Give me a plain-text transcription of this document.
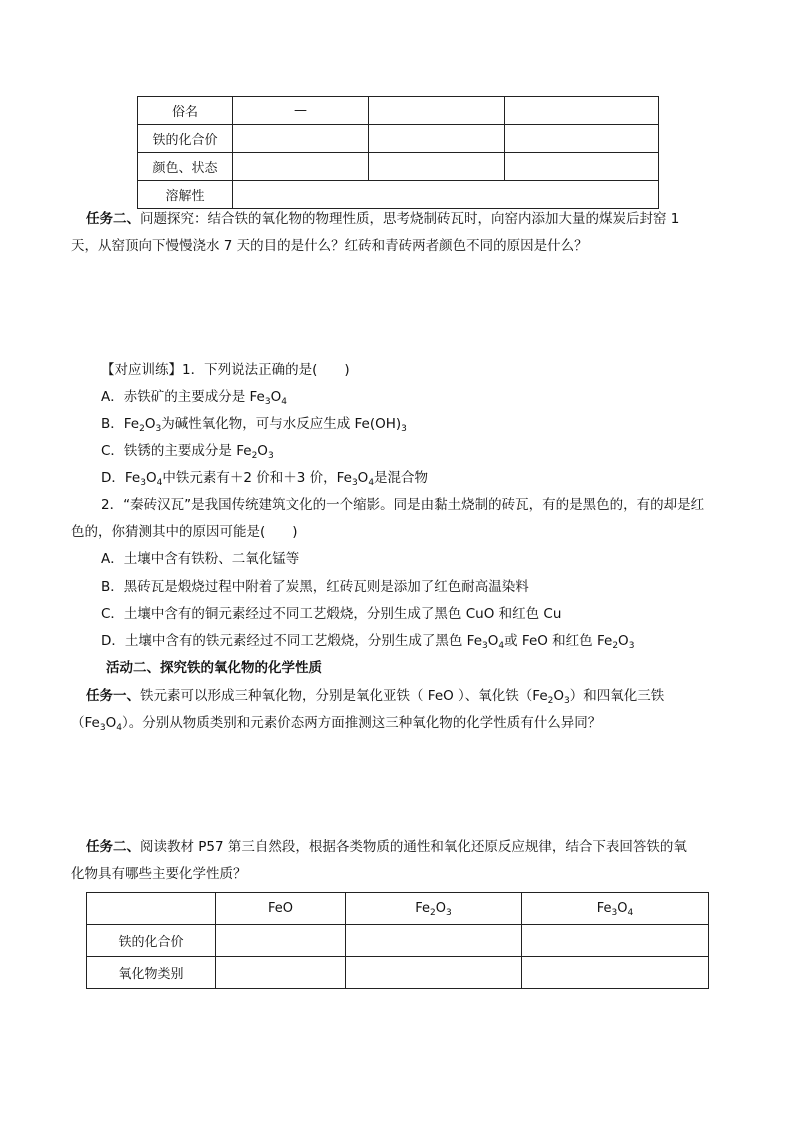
俗名	—		
铁的化合价			
颜色、状态			
溶解性			
任务二、问题探究：结合铁的氧化物的物理性质，思考烧制砖瓦时，向窑内添加大量的煤炭后封窑 1
天，从窑顶向下慢慢浇水 7 天的目的是什么？红砖和青砖两者颜色不同的原因是什么？
【对应训练】1．下列说法正确的是(　　)
A．赤铁矿的主要成分是 $Fe_3O_4$
B．$Fe_2O_3$为碱性氧化物，可与水反应生成 $Fe(OH)_3$
C．铁锈的主要成分是 $Fe_2O_3$
D．$Fe_3O_4$中铁元素有＋2 价和＋3 价，$Fe_3O_4$是混合物
2．“秦砖汉瓦”是我国传统建筑文化的一个缩影。同是由黏土烧制的砖瓦，有的是黑色的，有的却是红
色的，你猜测其中的原因可能是(　　)
A．土壤中含有铁粉、二氧化锰等
B．黑砖瓦是煅烧过程中附着了炭黑，红砖瓦则是添加了红色耐高温染料
C．土壤中含有的铜元素经过不同工艺煅烧，分别生成了黑色 CuO 和红色 Cu
D．土壤中含有的铁元素经过不同工艺煅烧，分别生成了黑色 $Fe_3O_4$或 FeO 和红色 $Fe_2O_3$
活动二、探究铁的氧化物的化学性质
任务一、铁元素可以形成三种氧化物，分别是氧化亚铁（ FeO ）、氧化铁$(Fe_2O_3)$和四氧化三铁
$(Fe_3O_4)$。分别从物质类别和元素价态两方面推测这三种氧化物的化学性质有什么异同？
任务二、阅读教材 P57 第三自然段，根据各类物质的通性和氧化还原反应规律，结合下表回答铁的氧
化物具有哪些主要化学性质？
	FeO	$Fe_2O_3$	$Fe_3O_4$
铁的化合价			
氧化物类别			
